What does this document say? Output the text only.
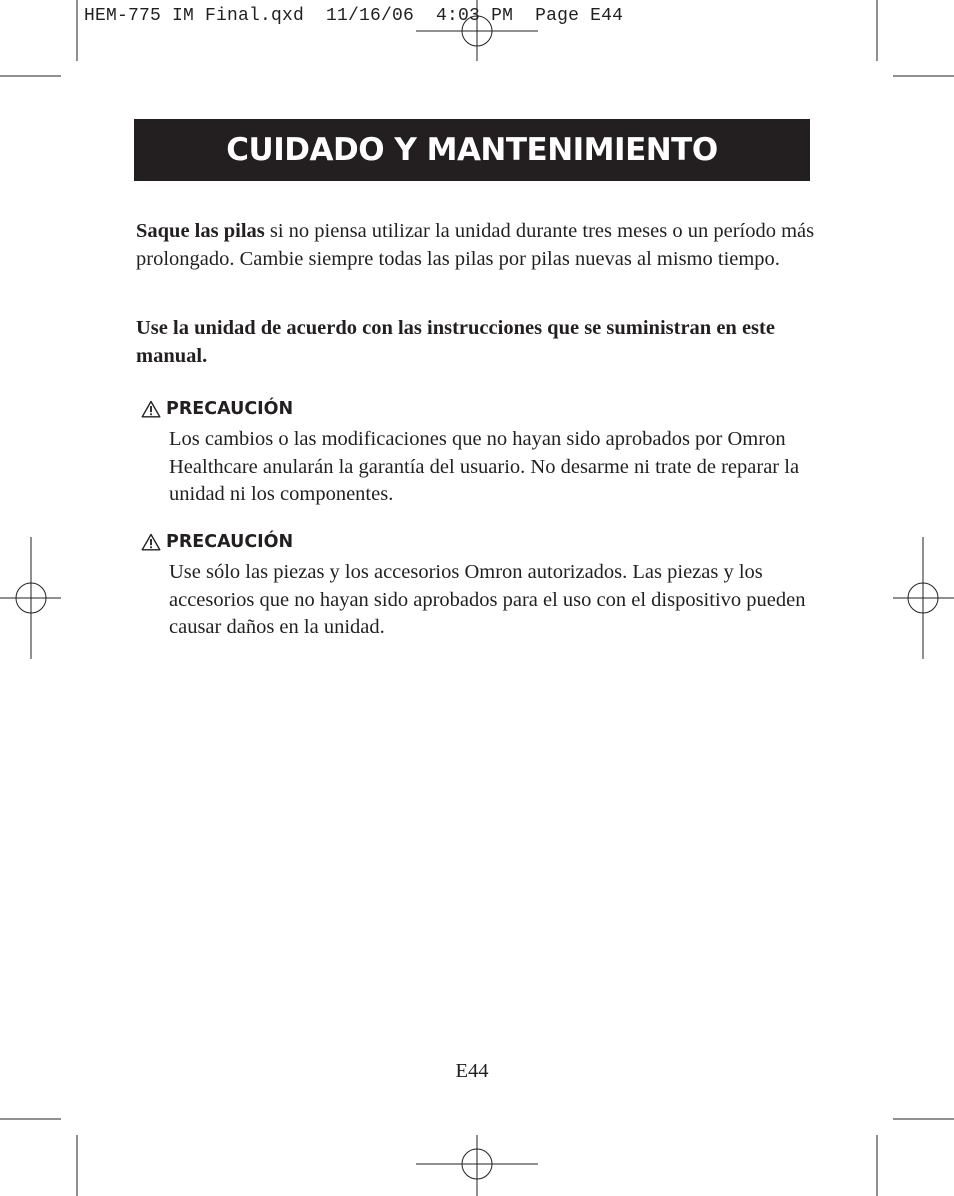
HEM-775 IM Final.qxd  11/16/06  4:03 PM  Page E44
CUIDADO Y MANTENIMIENTO

Saque las pilas si no piensa utilizar la unidad durante tres meses o un período más prolongado. Cambie siempre todas las pilas por pilas nuevas al mismo tiempo.

Use la unidad de acuerdo con las instrucciones que se suministran en este manual.

PRECAUCIÓN

Los cambios o las modificaciones que no hayan sido aprobados por Omron Healthcare anularán la garantía del usuario. No desarme ni trate de reparar la unidad ni los componentes.

PRECAUCIÓN

Use sólo las piezas y los accesorios Omron autorizados. Las piezas y los accesorios que no hayan sido aprobados para el uso con el dispositivo pueden causar daños en la unidad.

E44
